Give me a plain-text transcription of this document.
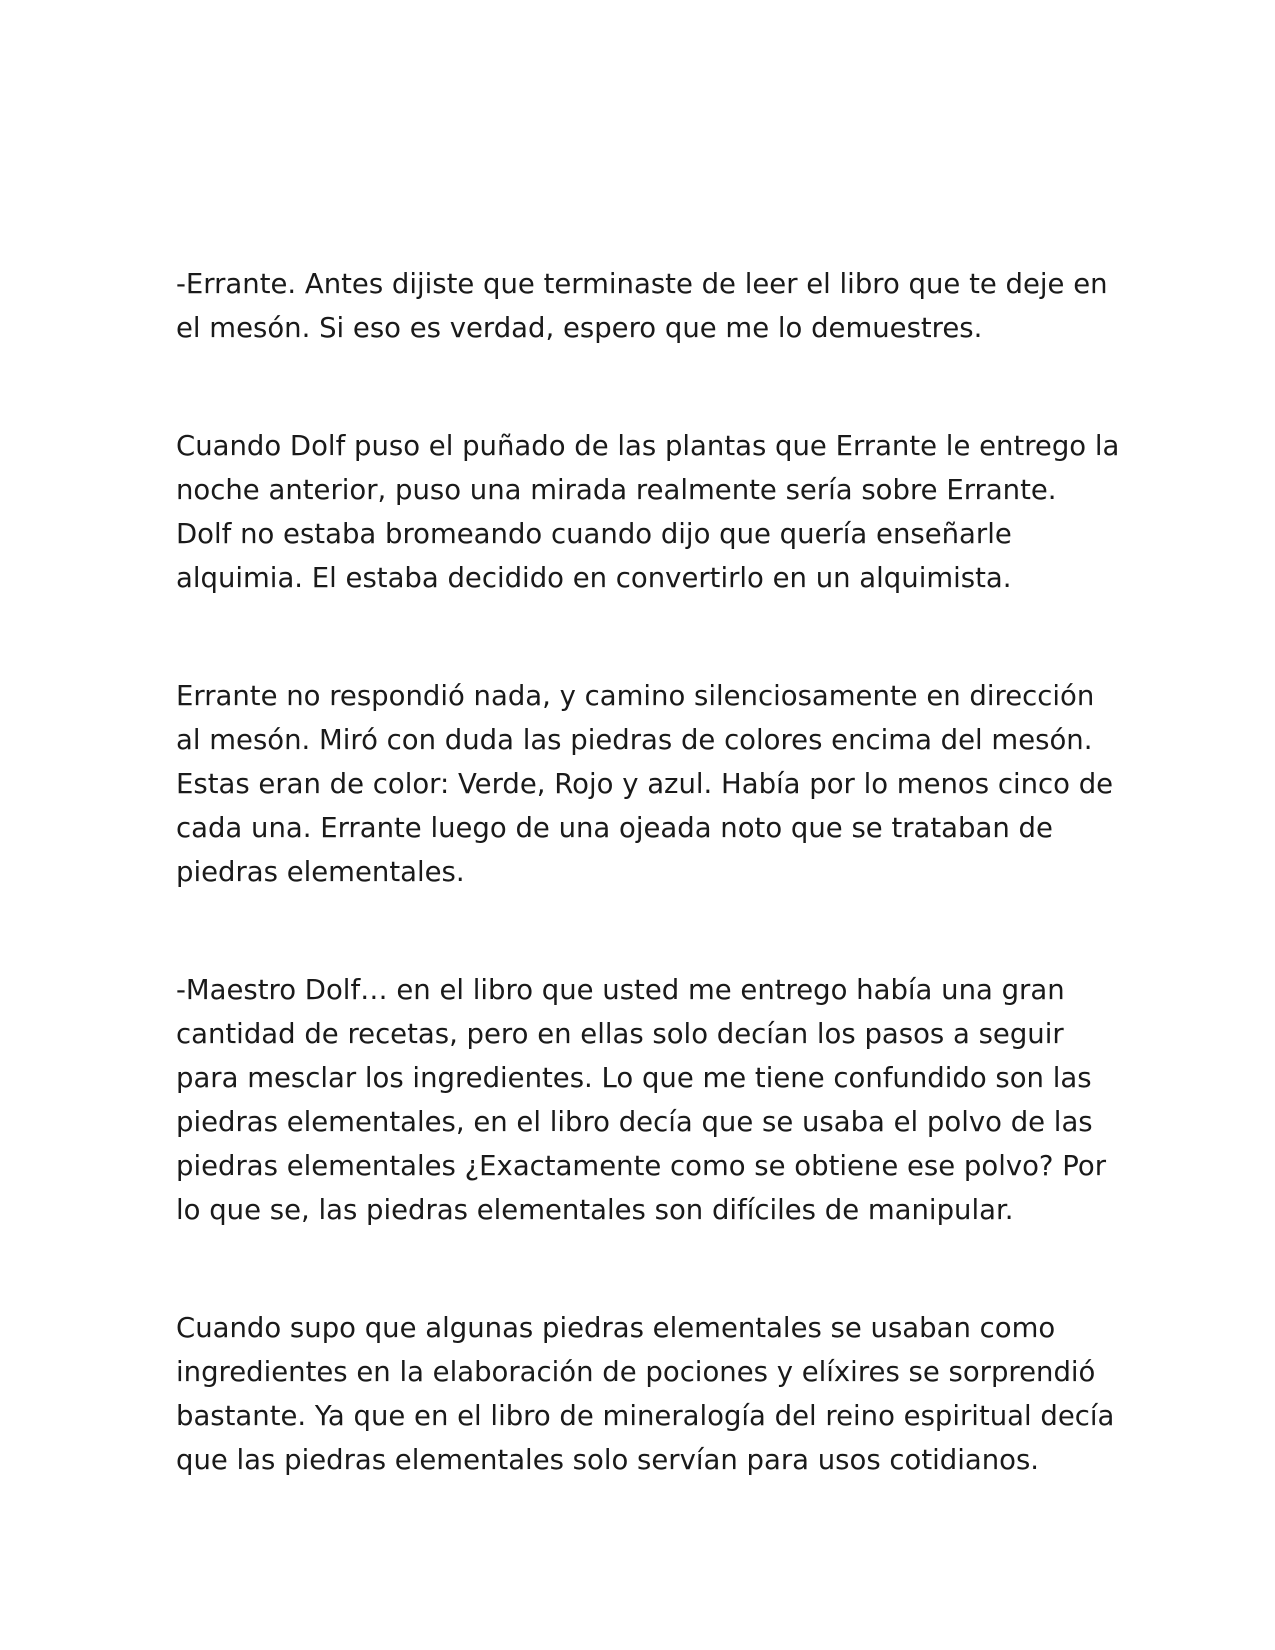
-Errante. Antes dijiste que terminaste de leer el libro que te deje en
el mesón. Si eso es verdad, espero que me lo demuestres.

Cuando Dolf puso el puñado de las plantas que Errante le entrego la
noche anterior, puso una mirada realmente sería sobre Errante.
Dolf no estaba bromeando cuando dijo que quería enseñarle
alquimia. El estaba decidido en convertirlo en un alquimista.

Errante no respondió nada, y camino silenciosamente en dirección
al mesón. Miró con duda las piedras de colores encima del mesón.
Estas eran de color: Verde, Rojo y azul. Había por lo menos cinco de
cada una. Errante luego de una ojeada noto que se trataban de
piedras elementales.

-Maestro Dolf… en el libro que usted me entrego había una gran
cantidad de recetas, pero en ellas solo decían los pasos a seguir
para mesclar los ingredientes. Lo que me tiene confundido son las
piedras elementales, en el libro decía que se usaba el polvo de las
piedras elementales ¿Exactamente como se obtiene ese polvo? Por
lo que se, las piedras elementales son difíciles de manipular.

Cuando supo que algunas piedras elementales se usaban como
ingredientes en la elaboración de pociones y elíxires se sorprendió
bastante. Ya que en el libro de mineralogía del reino espiritual decía
que las piedras elementales solo servían para usos cotidianos.
